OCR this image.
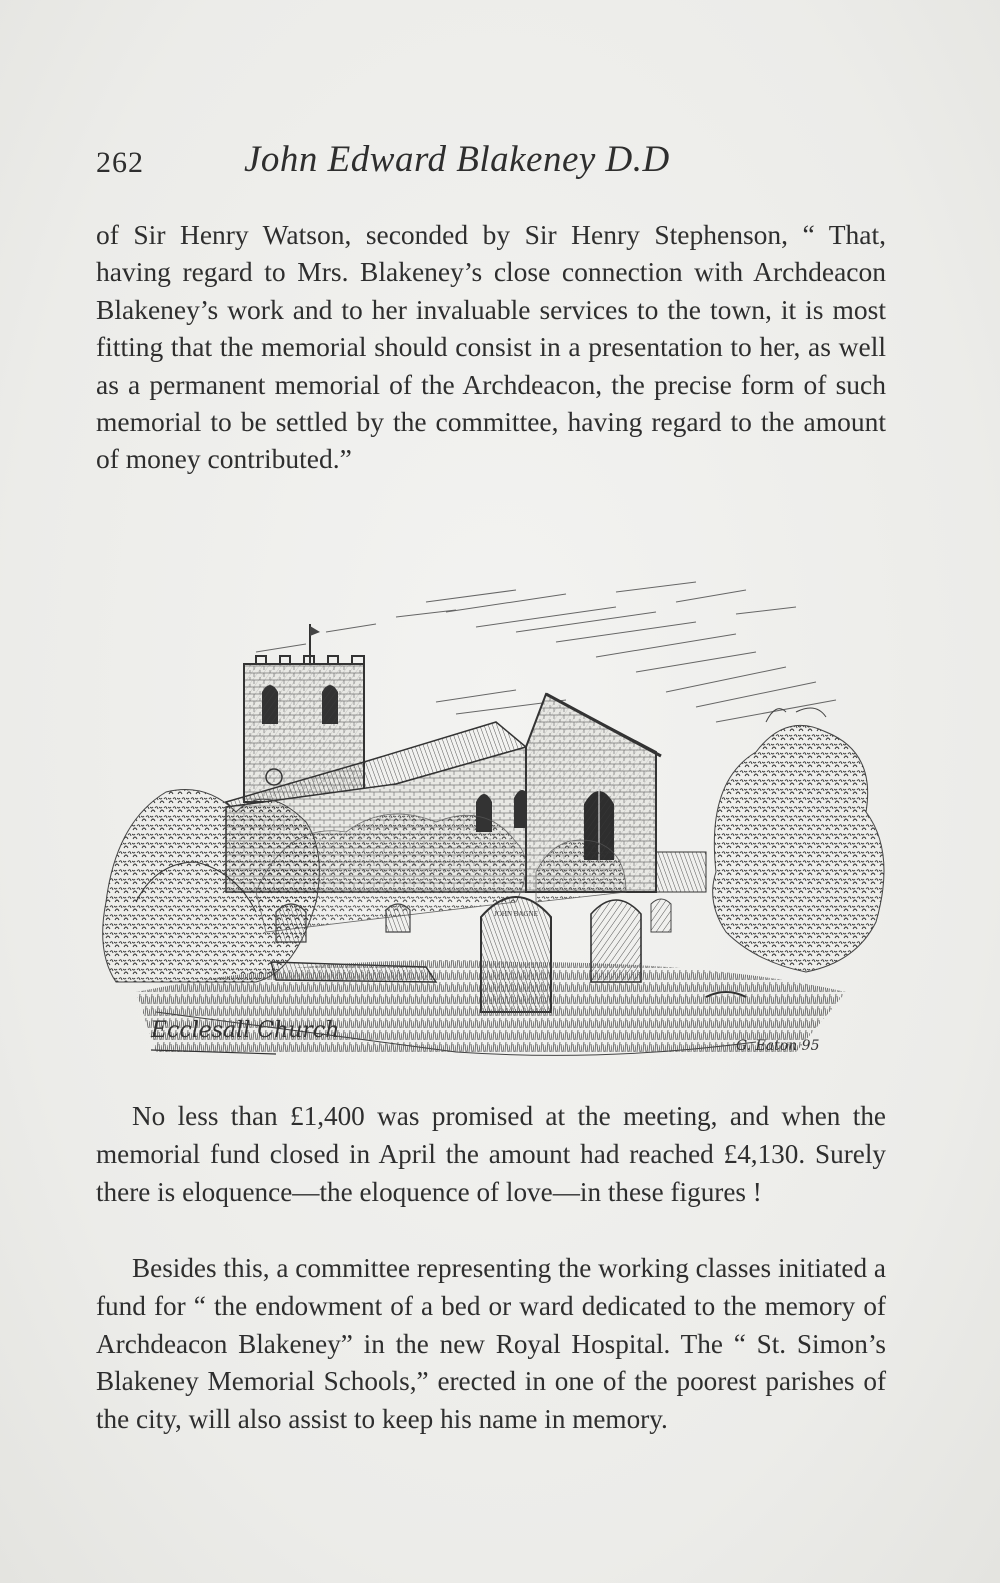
262	John Edward Blakeney D.D

of Sir Henry Watson, seconded by Sir Henry Stephenson, “ That, having regard to Mrs. Blakeney’s close connection with Archdeacon Blakeney’s work and to her invaluable services to the town, it is most fitting that the memorial should consist in a presentation to her, as well as a permanent memorial of the Archdeacon, the precise form of such memorial to be settled by the committee, having regard to the amount of money contributed.”

JOHN BAGNE
Ecclesall Church
G. Eaton 95

No less than £1,400 was promised at the meeting, and when the memorial fund closed in April the amount had reached £4,130. Surely there is eloquence—the eloquence of love—in these figures !

Besides this, a committee representing the working classes initiated a fund for “ the endowment of a bed or ward dedicated to the memory of Archdeacon Blakeney” in the new Royal Hospital. The “ St. Simon’s Blakeney Memorial Schools,” erected in one of the poorest parishes of the city, will also assist to keep his name in memory.
